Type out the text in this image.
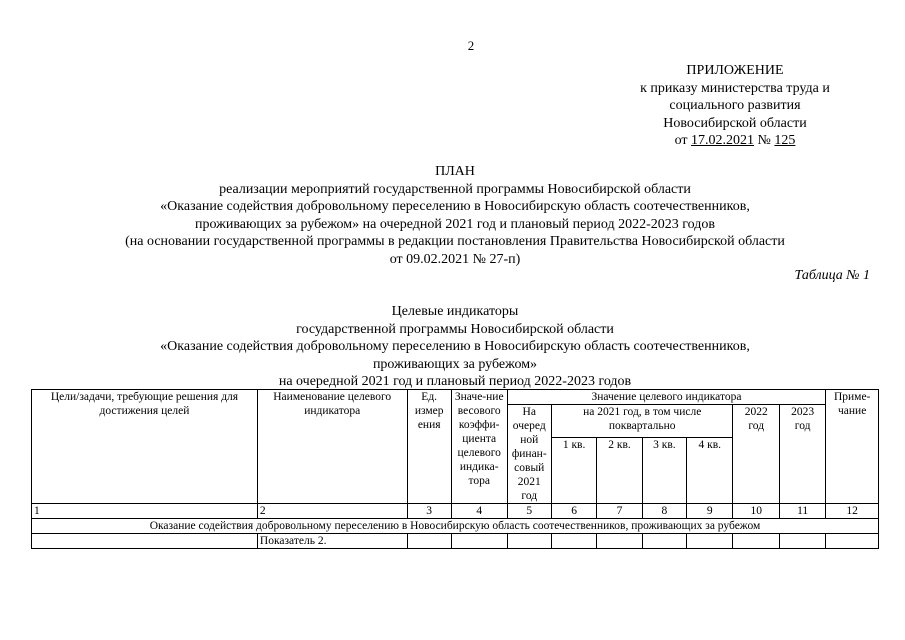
2
ПРИЛОЖЕНИЕ
к приказу министерства труда и
социального развития
Новосибирской области
от 17.02.2021 № 125
ПЛАН
реализации мероприятий государственной программы Новосибирской области
«Оказание содействия добровольному переселению в Новосибирскую область соотечественников,
проживающих за рубежом» на очередной 2021 год и плановый период 2022-2023 годов
(на основании государственной программы в редакции постановления Правительства Новосибирской области
от 09.02.2021 № 27-п)
Таблица № 1
Целевые индикаторы
государственной программы Новосибирской области
«Оказание содействия добровольному переселению в Новосибирскую область соотечественников,
проживающих за рубежом»
на очередной 2021 год и плановый период 2022-2023 годов
Цели/задачи, требующие решения для достижения целей	Наименование целевого индикатора	Ед. измер ения	Значе-ние весового коэффи-циента целевого индика-тора	Значение целевого индикатора							Приме-чание
				На очеред ной финан-совый 2021 год	на 2021 год, в том числе поквартально				2022 год	2023 год	
					1 кв.	2 кв.	3 кв.	4 кв.			
1	2	3	4	5	6	7	8	9	10	11	12
Оказание содействия добровольному переселению в Новосибирскую область соотечественников, проживающих за рубежом											
	Показатель 2.										
